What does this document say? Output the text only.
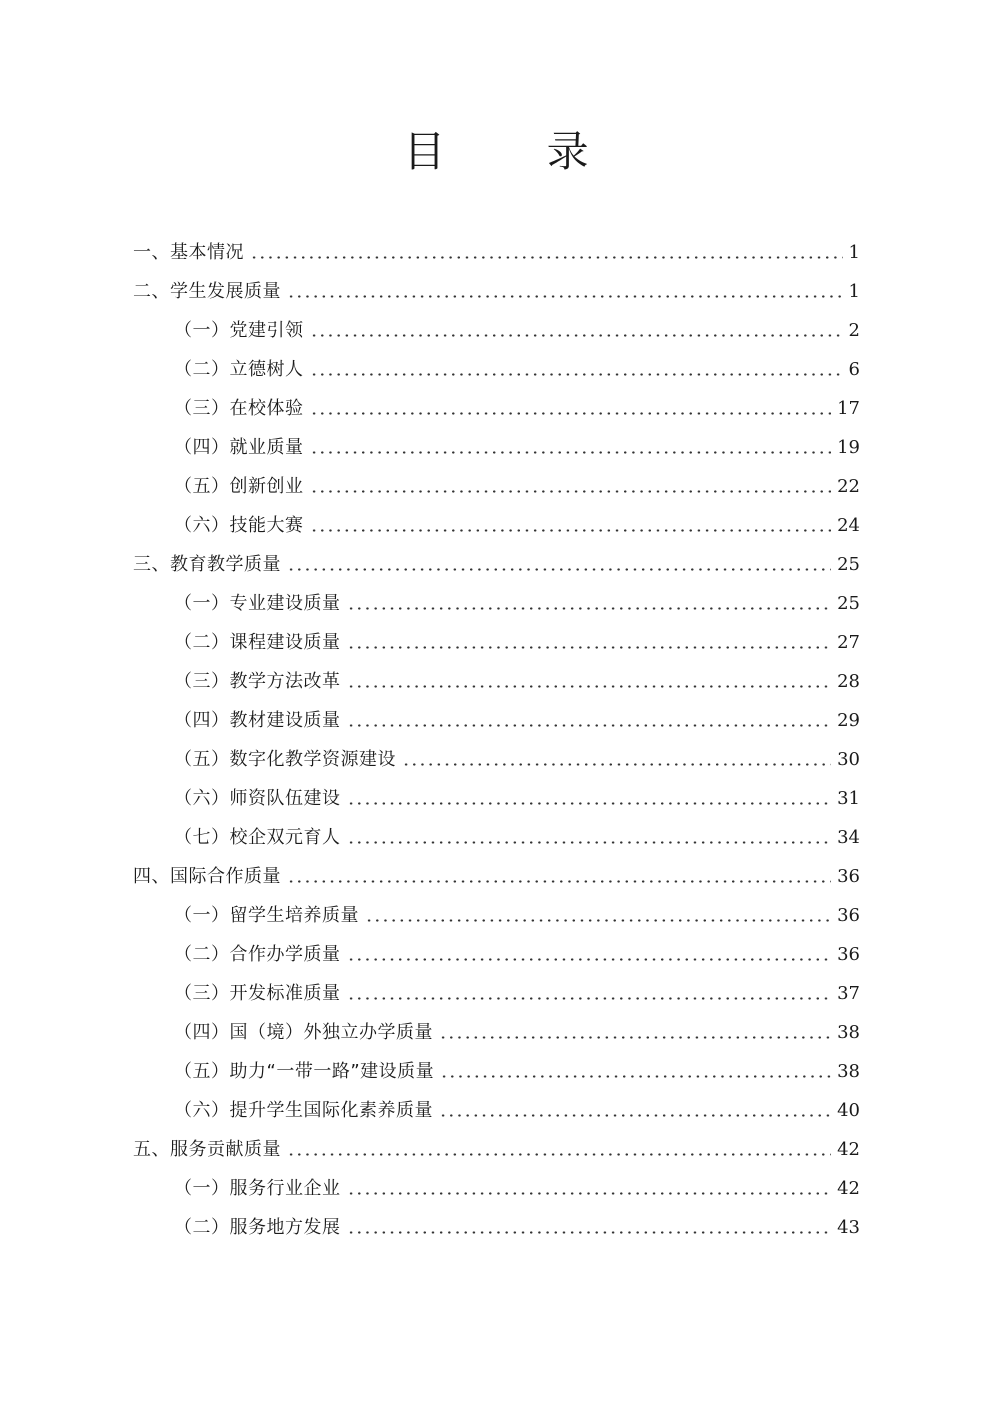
目 录
一、基本情况	1
二、学生发展质量	1
（一）党建引领	2
（二）立德树人	6
（三）在校体验	17
（四）就业质量	19
（五）创新创业	22
（六）技能大赛	24
三、教育教学质量	25
（一）专业建设质量	25
（二）课程建设质量	27
（三）教学方法改革	28
（四）教材建设质量	29
（五）数字化教学资源建设	30
（六）师资队伍建设	31
（七）校企双元育人	34
四、国际合作质量	36
（一）留学生培养质量	36
（二）合作办学质量	36
（三）开发标准质量	37
（四）国（境）外独立办学质量	38
（五）助力“一带一路”建设质量	38
（六）提升学生国际化素养质量	40
五、服务贡献质量	42
（一）服务行业企业	42
（二）服务地方发展	43
